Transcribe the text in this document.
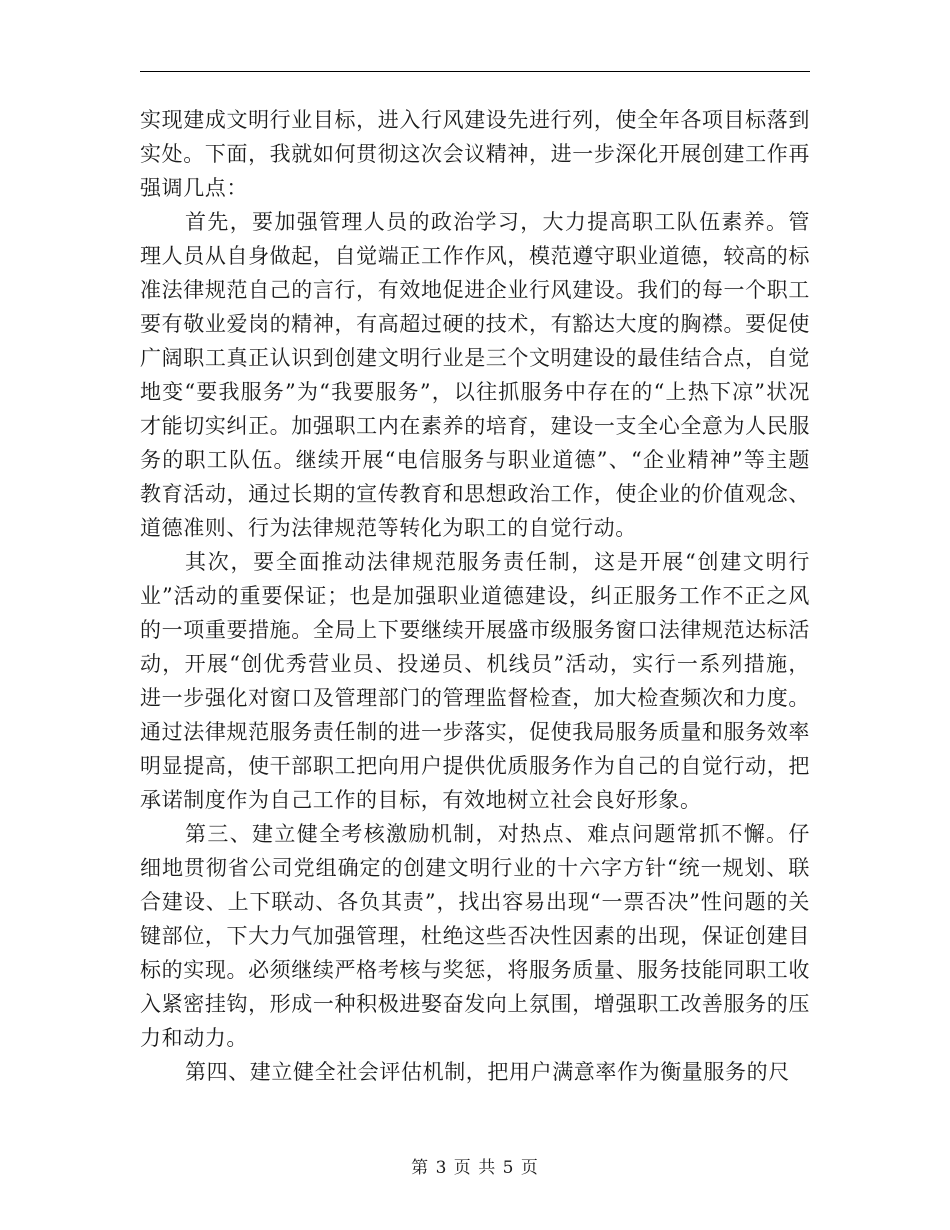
实现建成文明行业目标，进入行风建设先进行列，使全年各项目标落到实处。下面，我就如何贯彻这次会议精神，进一步深化开展创建工作再强调几点：

首先，要加强管理人员的政治学习，大力提高职工队伍素养。管理人员从自身做起，自觉端正工作作风，模范遵守职业道德，较高的标准法律规范自己的言行，有效地促进企业行风建设。我们的每一个职工要有敬业爱岗的精神，有高超过硬的技术，有豁达大度的胸襟。要促使广阔职工真正认识到创建文明行业是三个文明建设的最佳结合点，自觉地变“要我服务”为“我要服务”，以往抓服务中存在的“上热下凉”状况才能切实纠正。加强职工内在素养的培育，建设一支全心全意为人民服务的职工队伍。继续开展“电信服务与职业道德”、“企业精神”等主题教育活动，通过长期的宣传教育和思想政治工作，使企业的价值观念、道德准则、行为法律规范等转化为职工的自觉行动。

其次，要全面推动法律规范服务责任制，这是开展“创建文明行业”活动的重要保证；也是加强职业道德建设，纠正服务工作不正之风的一项重要措施。全局上下要继续开展盛市级服务窗口法律规范达标活动，开展“创优秀营业员、投递员、机线员”活动，实行一系列措施，进一步强化对窗口及管理部门的管理监督检查，加大检查频次和力度。通过法律规范服务责任制的进一步落实，促使我局服务质量和服务效率明显提高，使干部职工把向用户提供优质服务作为自己的自觉行动，把承诺制度作为自己工作的目标，有效地树立社会良好形象。

第三、建立健全考核激励机制，对热点、难点问题常抓不懈。仔细地贯彻省公司党组确定的创建文明行业的十六字方针“统一规划、联合建设、上下联动、各负其责”，找出容易出现“一票否决”性问题的关键部位，下大力气加强管理，杜绝这些否决性因素的出现，保证创建目标的实现。必须继续严格考核与奖惩，将服务质量、服务技能同职工收入紧密挂钩，形成一种积极进娶奋发向上氛围，增强职工改善服务的压力和动力。

第四、建立健全社会评估机制，把用户满意率作为衡量服务的尺

第 3 页 共 5 页
